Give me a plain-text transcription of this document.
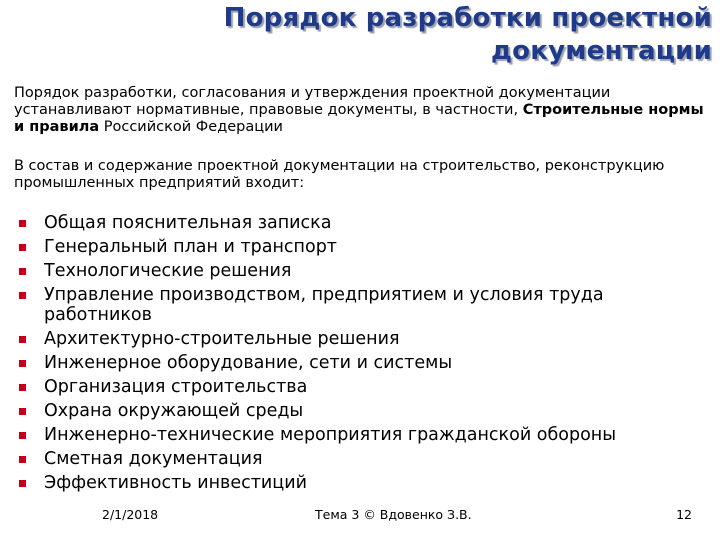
Порядок разработки проектной
документации
Порядок разработки, согласования и утверждения проектной документации устанавливают нормативные, правовые документы, в частности, Строительные нормы и правила Российской Федерации
В состав и содержание проектной документации на строительство, реконструкцию промышленных предприятий входит:
Общая пояснительная записка
Генеральный план и транспорт
Технологические решения
Управление производством, предприятием и условия труда работников
Архитектурно-строительные решения
Инженерное оборудование, сети и системы
Организация строительства
Охрана окружающей среды
Инженерно-технические мероприятия гражданской обороны
Сметная документация
Эффективность инвестиций
2/1/2018	Тема 3 © Вдовенко З.В.	12
